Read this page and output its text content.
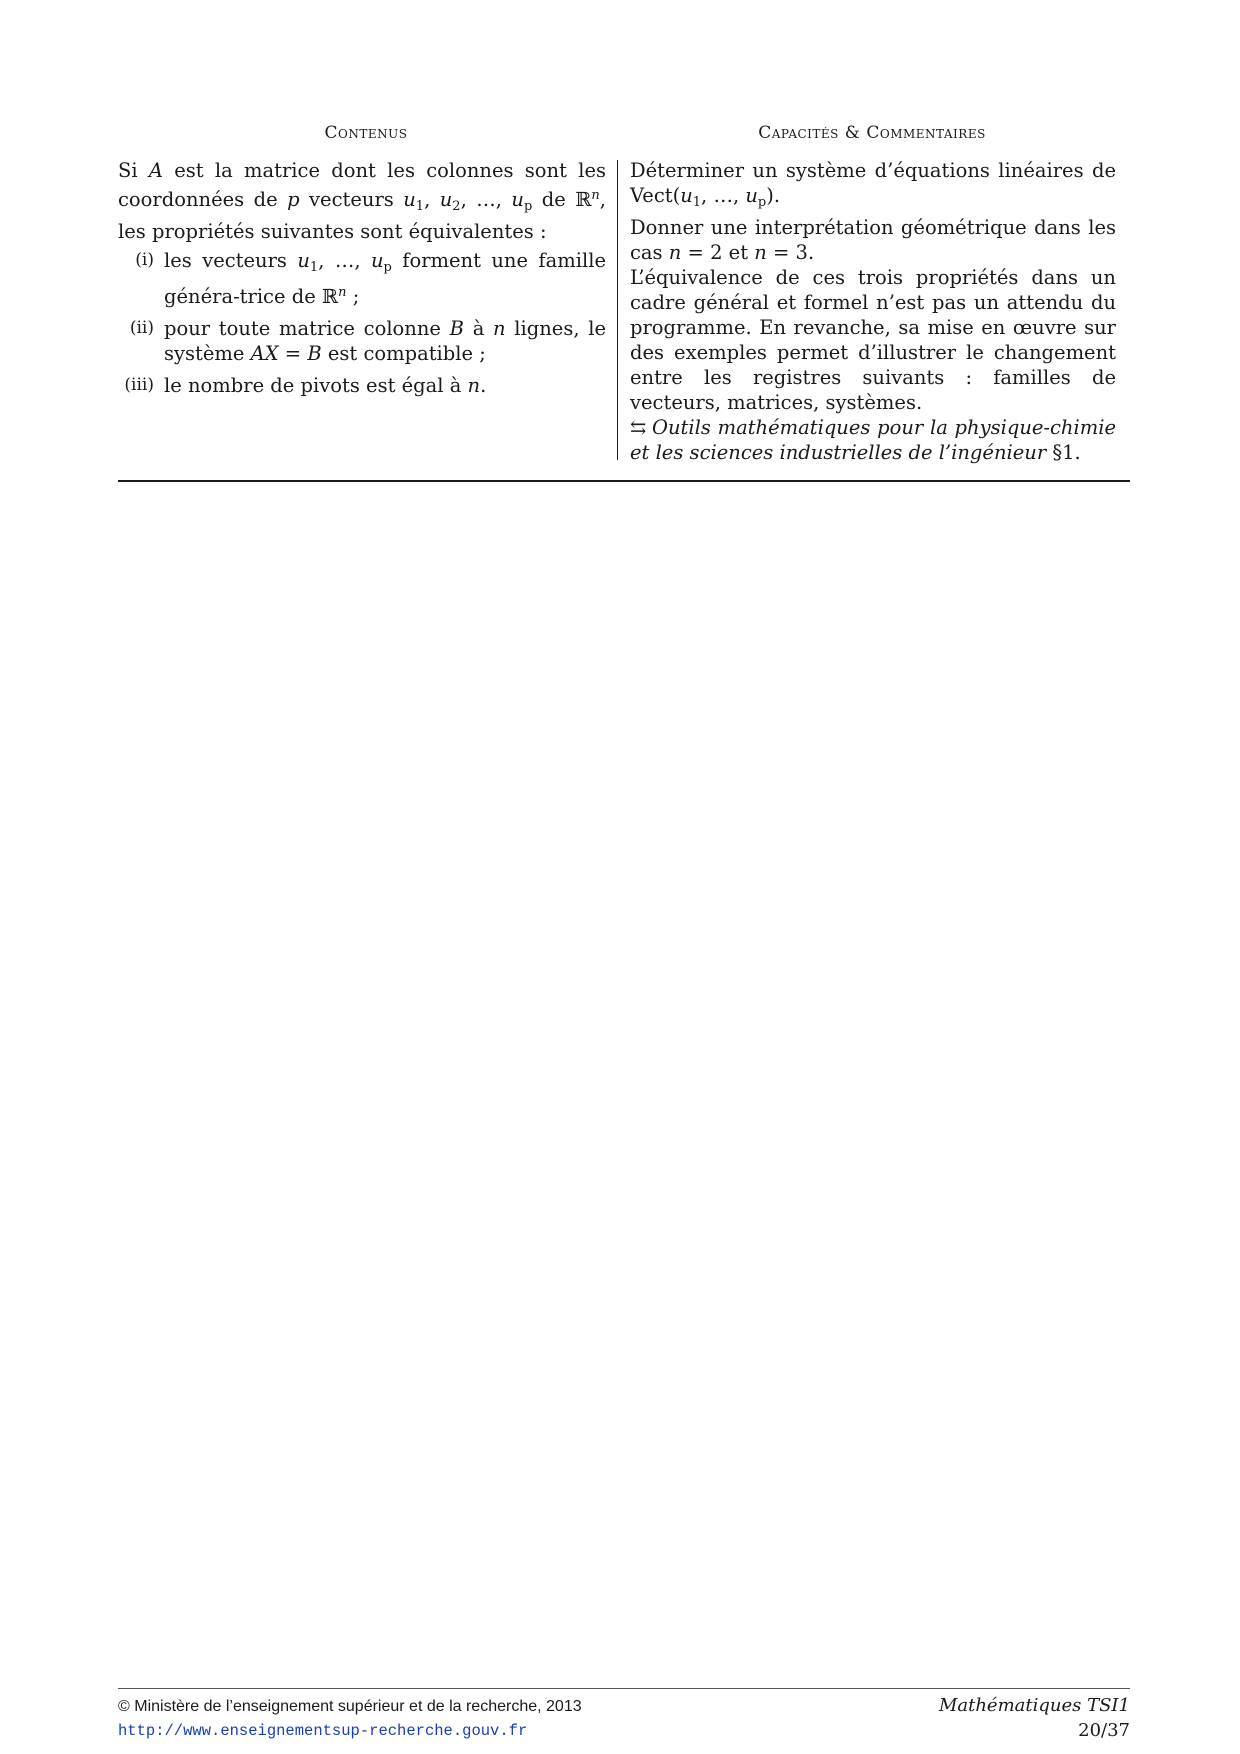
Contenus	Capacités & Commentaires

Si A est la matrice dont les colonnes sont les coordonnées de p vecteurs $u_1$, $u_2$, …, $u_p$ de ℝ$^n$, les propriétés suivantes sont équivalentes :

(i) les vecteurs $u_1$, …, $u_p$ forment une famille généra-trice de ℝ$^n$ ;
(ii) pour toute matrice colonne B à n lignes, le système AX = B est compatible ;
(iii) le nombre de pivots est égal à n.

Déterminer un système d’équations linéaires de $Vect(u_1$, …, $u_p$).

Donner une interprétation géométrique dans les cas n = 2 et n = 3.

L’équivalence de ces trois propriétés dans un cadre général et formel n’est pas un attendu du programme. En revanche, sa mise en œuvre sur des exemples permet d’illustrer le changement entre les registres suivants : familles de vecteurs, matrices, systèmes.

⇆ Outils mathématiques pour la physique-chimie et les sciences industrielles de l’ingénieur §1.

© Ministère de l’enseignement supérieur et de la recherche, 2013
http://www.enseignementsup-recherche.gouv.fr
Mathématiques TSI1
20/37
